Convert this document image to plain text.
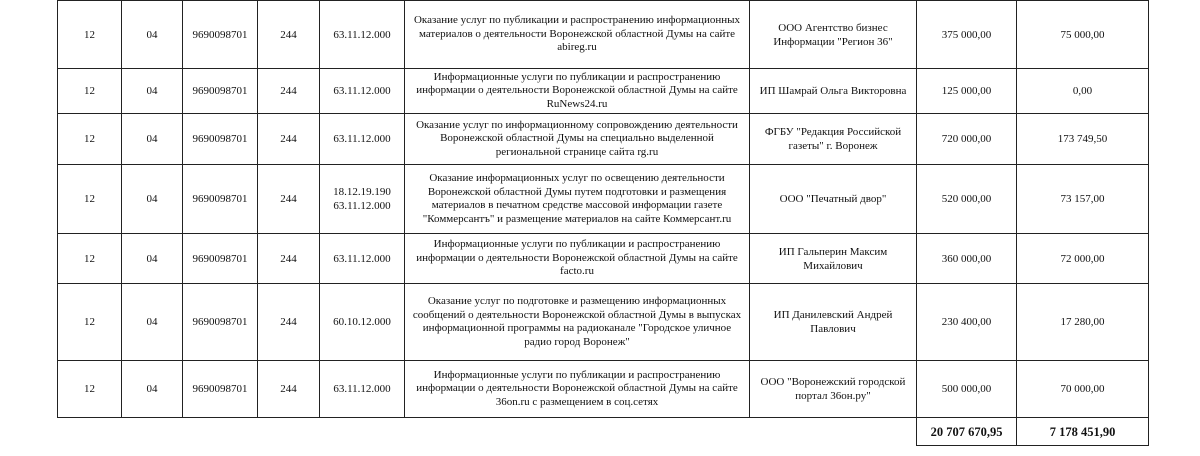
12	04	9690098701	244	63.11.12.000	Оказание услуг по публикации и распространению информационных материалов о деятельности Воронежской областной Думы на сайте abireg.ru	ООО Агентство бизнес Информации "Регион 36"	375 000,00	75 000,00
12	04	9690098701	244	63.11.12.000	Информационные услуги по публикации и распространению информации о деятельности Воронежской областной Думы на сайте RuNews24.ru	ИП Шамрай Ольга Викторовна	125 000,00	0,00
12	04	9690098701	244	63.11.12.000	Оказание услуг по информационному сопровождению деятельности Воронежской областной Думы на специально выделенной региональной странице сайта rg.ru	ФГБУ "Редакция Российской газеты" г. Воронеж	720 000,00	173 749,50
12	04	9690098701	244	18.12.19.190 63.11.12.000	Оказание информационных услуг по освещению деятельности Воронежской областной Думы путем подготовки и размещения материалов в печатном средстве массовой информации газете "Коммерсантъ" и размещение материалов на сайте Коммерсант.ru	ООО "Печатный двор"	520 000,00	73 157,00
12	04	9690098701	244	63.11.12.000	Информационные услуги по публикации и распространению информации о деятельности Воронежской областной Думы на сайте facto.ru	ИП Гальперин Максим Михайлович	360 000,00	72 000,00
12	04	9690098701	244	60.10.12.000	Оказание услуг по подготовке и размещению информационных сообщений о деятельности Воронежской областной Думы в выпусках информационной программы на радиоканале "Городское уличное радио город Воронеж"	ИП Данилевский Андрей Павлович	230 400,00	17 280,00
12	04	9690098701	244	63.11.12.000	Информационные услуги по публикации и распространению информации о деятельности Воронежской областной Думы на сайте 36on.ru с размещением в соц.сетях	ООО "Воронежский городской портал 36он.ру"	500 000,00	70 000,00
							20 707 670,95	7 178 451,90
